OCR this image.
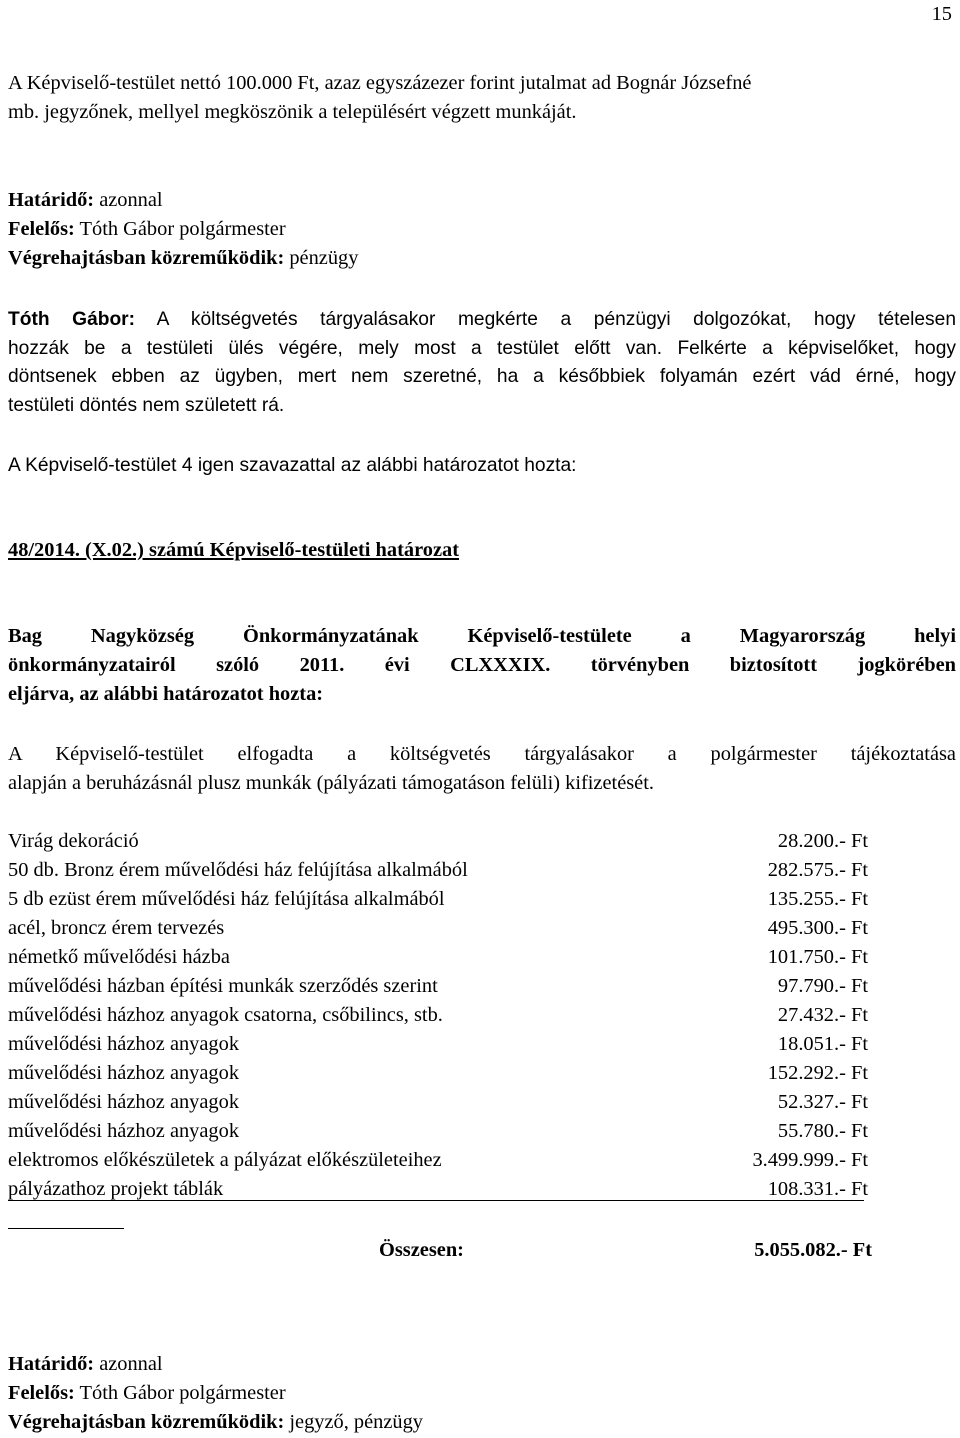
15
A Képviselő-testület nettó 100.000 Ft, azaz egyszázezer forint jutalmat ad Bognár Józsefné
mb. jegyzőnek, mellyel megköszönik a településért végzett munkáját.
Határidő: azonnal
Felelős: Tóth Gábor polgármester
Végrehajtásban közreműködik: pénzügy
Tóth Gábor: A költségvetés tárgyalásakor megkérte a pénzügyi dolgozókat, hogy tételesen
hozzák be a testületi ülés végére, mely most a testület előtt van. Felkérte a képviselőket, hogy
döntsenek ebben az ügyben, mert nem szeretné, ha a későbbiek folyamán ezért vád érné, hogy
testületi döntés nem született rá.
A Képviselő-testület 4 igen szavazattal az alábbi határozatot hozta:
48/2014. (X.02.) számú Képviselő-testületi határozat
Bag Nagyközség Önkormányzatának Képviselő-testülete a Magyarország helyi
önkormányzatairól szóló 2011. évi CLXXXIX. törvényben biztosított jogkörében
eljárva, az alábbi határozatot hozta:
A Képviselő-testület elfogadta a költségvetés tárgyalásakor a polgármester tájékoztatása
alapján a beruházásnál plusz munkák (pályázati támogatáson felüli) kifizetését.
Virág dekoráció	28.200.- Ft
50 db. Bronz érem művelődési ház felújítása alkalmából	282.575.- Ft
5 db ezüst érem művelődési ház felújítása alkalmából	135.255.- Ft
acél, broncz érem tervezés	495.300.- Ft
németkő művelődési házba	101.750.- Ft
művelődési házban építési munkák szerződés szerint	97.790.- Ft
művelődési házhoz anyagok csatorna, csőbilincs, stb.	27.432.- Ft
művelődési házhoz anyagok	18.051.- Ft
művelődési házhoz anyagok	152.292.- Ft
művelődési házhoz anyagok	52.327.- Ft
művelődési házhoz anyagok	55.780.- Ft
elektromos előkészületek a pályázat előkészületeihez	3.499.999.- Ft
pályázathoz projekt táblák	108.331.- Ft
Összesen:	5.055.082.- Ft
Határidő: azonnal
Felelős: Tóth Gábor polgármester
Végrehajtásban közreműködik: jegyző, pénzügy
